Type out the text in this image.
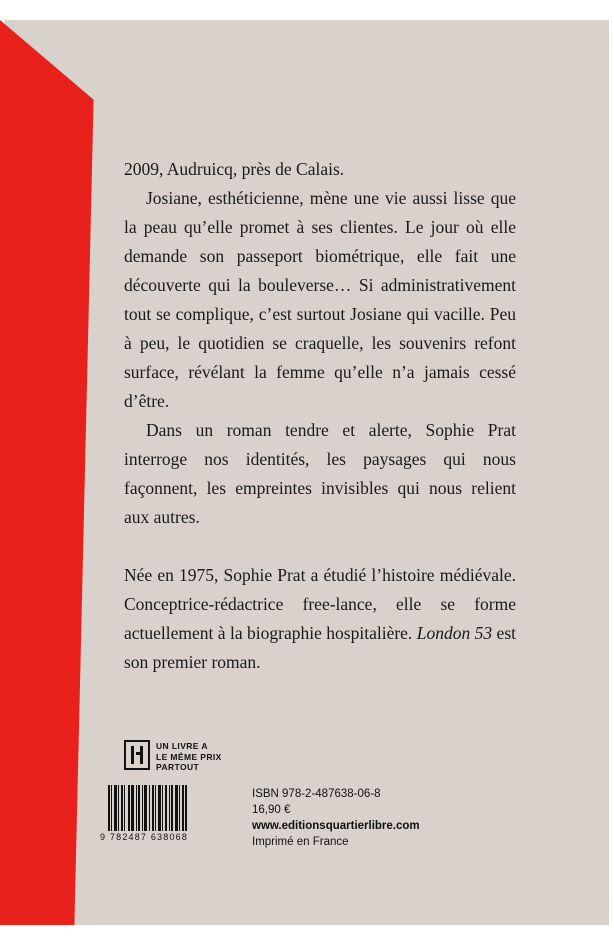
2009, Audruicq, près de Calais.

Josiane, esthéticienne, mène une vie aussi lisse que la peau qu’elle promet à ses clientes. Le jour où elle demande son passeport biométrique, elle fait une découverte qui la bouleverse… Si administrativement tout se complique, c’est surtout Josiane qui vacille. Peu à peu, le quotidien se craquelle, les souvenirs refont surface, révélant la femme qu’elle n’a jamais cessé d’être.

Dans un roman tendre et alerte, Sophie Prat interroge nos identités, les paysages qui nous façonnent, les empreintes invisibles qui nous relient aux autres.

Née en 1975, Sophie Prat a étudié l’histoire médiévale. Conceptrice-rédactrice free-lance, elle se forme actuellement à la biographie hospitalière. London 53 est son premier roman.
UN LIVRE A
LE MÊME PRIX
PARTOUT
9 782487 638068
ISBN 978-2-487638-06-8
16,90 €
www.editionsquartierlibre.com
Imprimé en France
